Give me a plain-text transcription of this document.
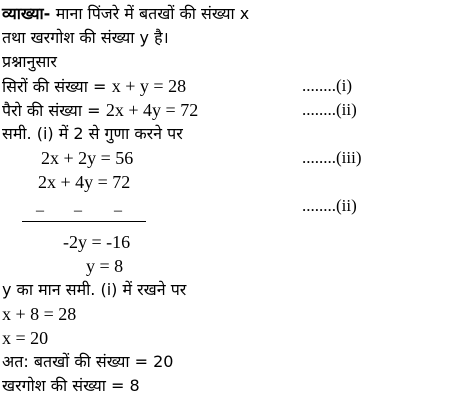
व्याख्या- माना पिंजरे में बतखों की संख्या x
तथा खरगोश की संख्या y है।
प्रश्नानुसार
सिरों की संख्या = x + y = 28	........(i)
पैरो की संख्या = 2x + 4y = 72	........(ii)
समी. (i) में 2 से गुणा करने पर
2x + 2y = 56	........(iii)
2x + 4y = 72
– – –	........(ii)
-2y = -16
y = 8
y का मान समी. (i) में रखने पर
x + 8 = 28
x = 20
अत: बतखों की संख्या = 20
खरगोश की संख्या = 8
